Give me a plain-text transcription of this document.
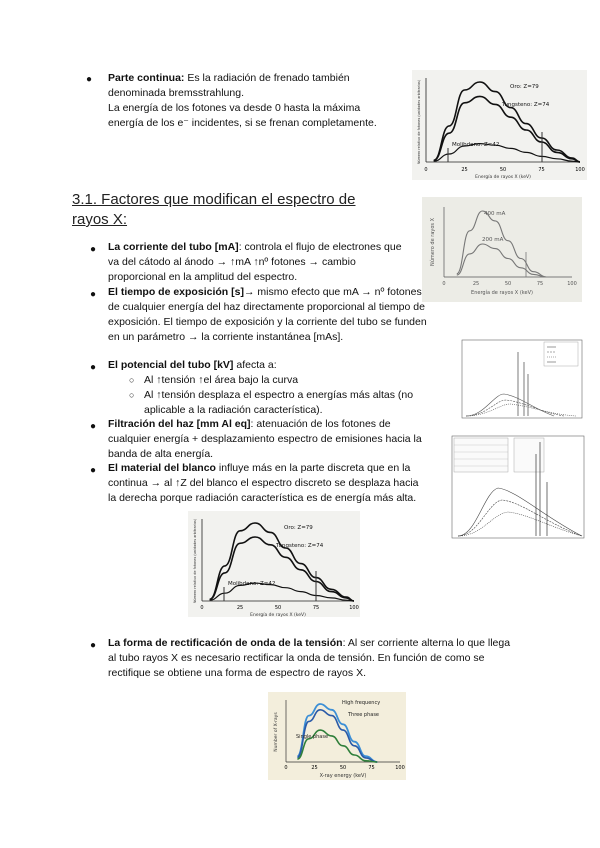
● Parte continua: Es la radiación de frenado también denominada bremsstrahlung.
La energía de los fotones va desde 0 hasta la máxima energía de los e⁻ incidentes, si se frenan completamente.
Oro: Z=79
Tungsteno: Z=74
Molibdeno: Z=42
0	25	50	75	100
Energía de rayos X (keV)
Número relativo de fotones (unidades arbitrarias)
3.1. Factores que modifican el espectro de rayos X:	400 mA
200 mA
0	25	50	75	100
Energía de rayos X (keV)
Número de rayos X
● La corriente del tubo [mA]: controla el flujo de electrones que va del cátodo al ánodo → ↑mA ↑nº fotones → cambio proporcional en la amplitud del espectro.
● El tiempo de exposición [s]→ mismo efecto que mA → nº fotones de cualquier energía del haz directamente proporcional al tiempo de exposición. El tiempo de exposición y la corriente del tubo se funden en un parámetro → la corriente instantánea [mAs].
● El potencial del tubo [kV] afecta a:
○ Al ↑tensión ↑el área bajo la curva
○ Al ↑tensión desplaza el espectro a energías más altas (no aplicable a la radiación característica).
● Filtración del haz [mm Al eq]: atenuación de los fotones de cualquier energía + desplazamiento espectro de emisiones hacia la banda de alta energía.
● El material del blanco influye más en la parte discreta que en la continua → al ↑Z del blanco el espectro discreto se desplaza hacia la derecha porque radiación característica es de energía más alta.
Oro: Z=79
Tungsteno: Z=74
Molibdeno: Z=42
0	25	50	75	100
Energía de rayos X (keV)
Número relativo de fotones (unidades arbitrarias)
● La forma de rectificación de onda de la tensión: Al ser corriente alterna lo que llega al tubo rayos X es necesario rectificar la onda de tensión. En función de como se rectifique se obtiene una forma de espectro de rayos X.
High frequency
Three phase
Single phase
0	25	50	75	100
X-ray energy (keV)
Number of X-rays
